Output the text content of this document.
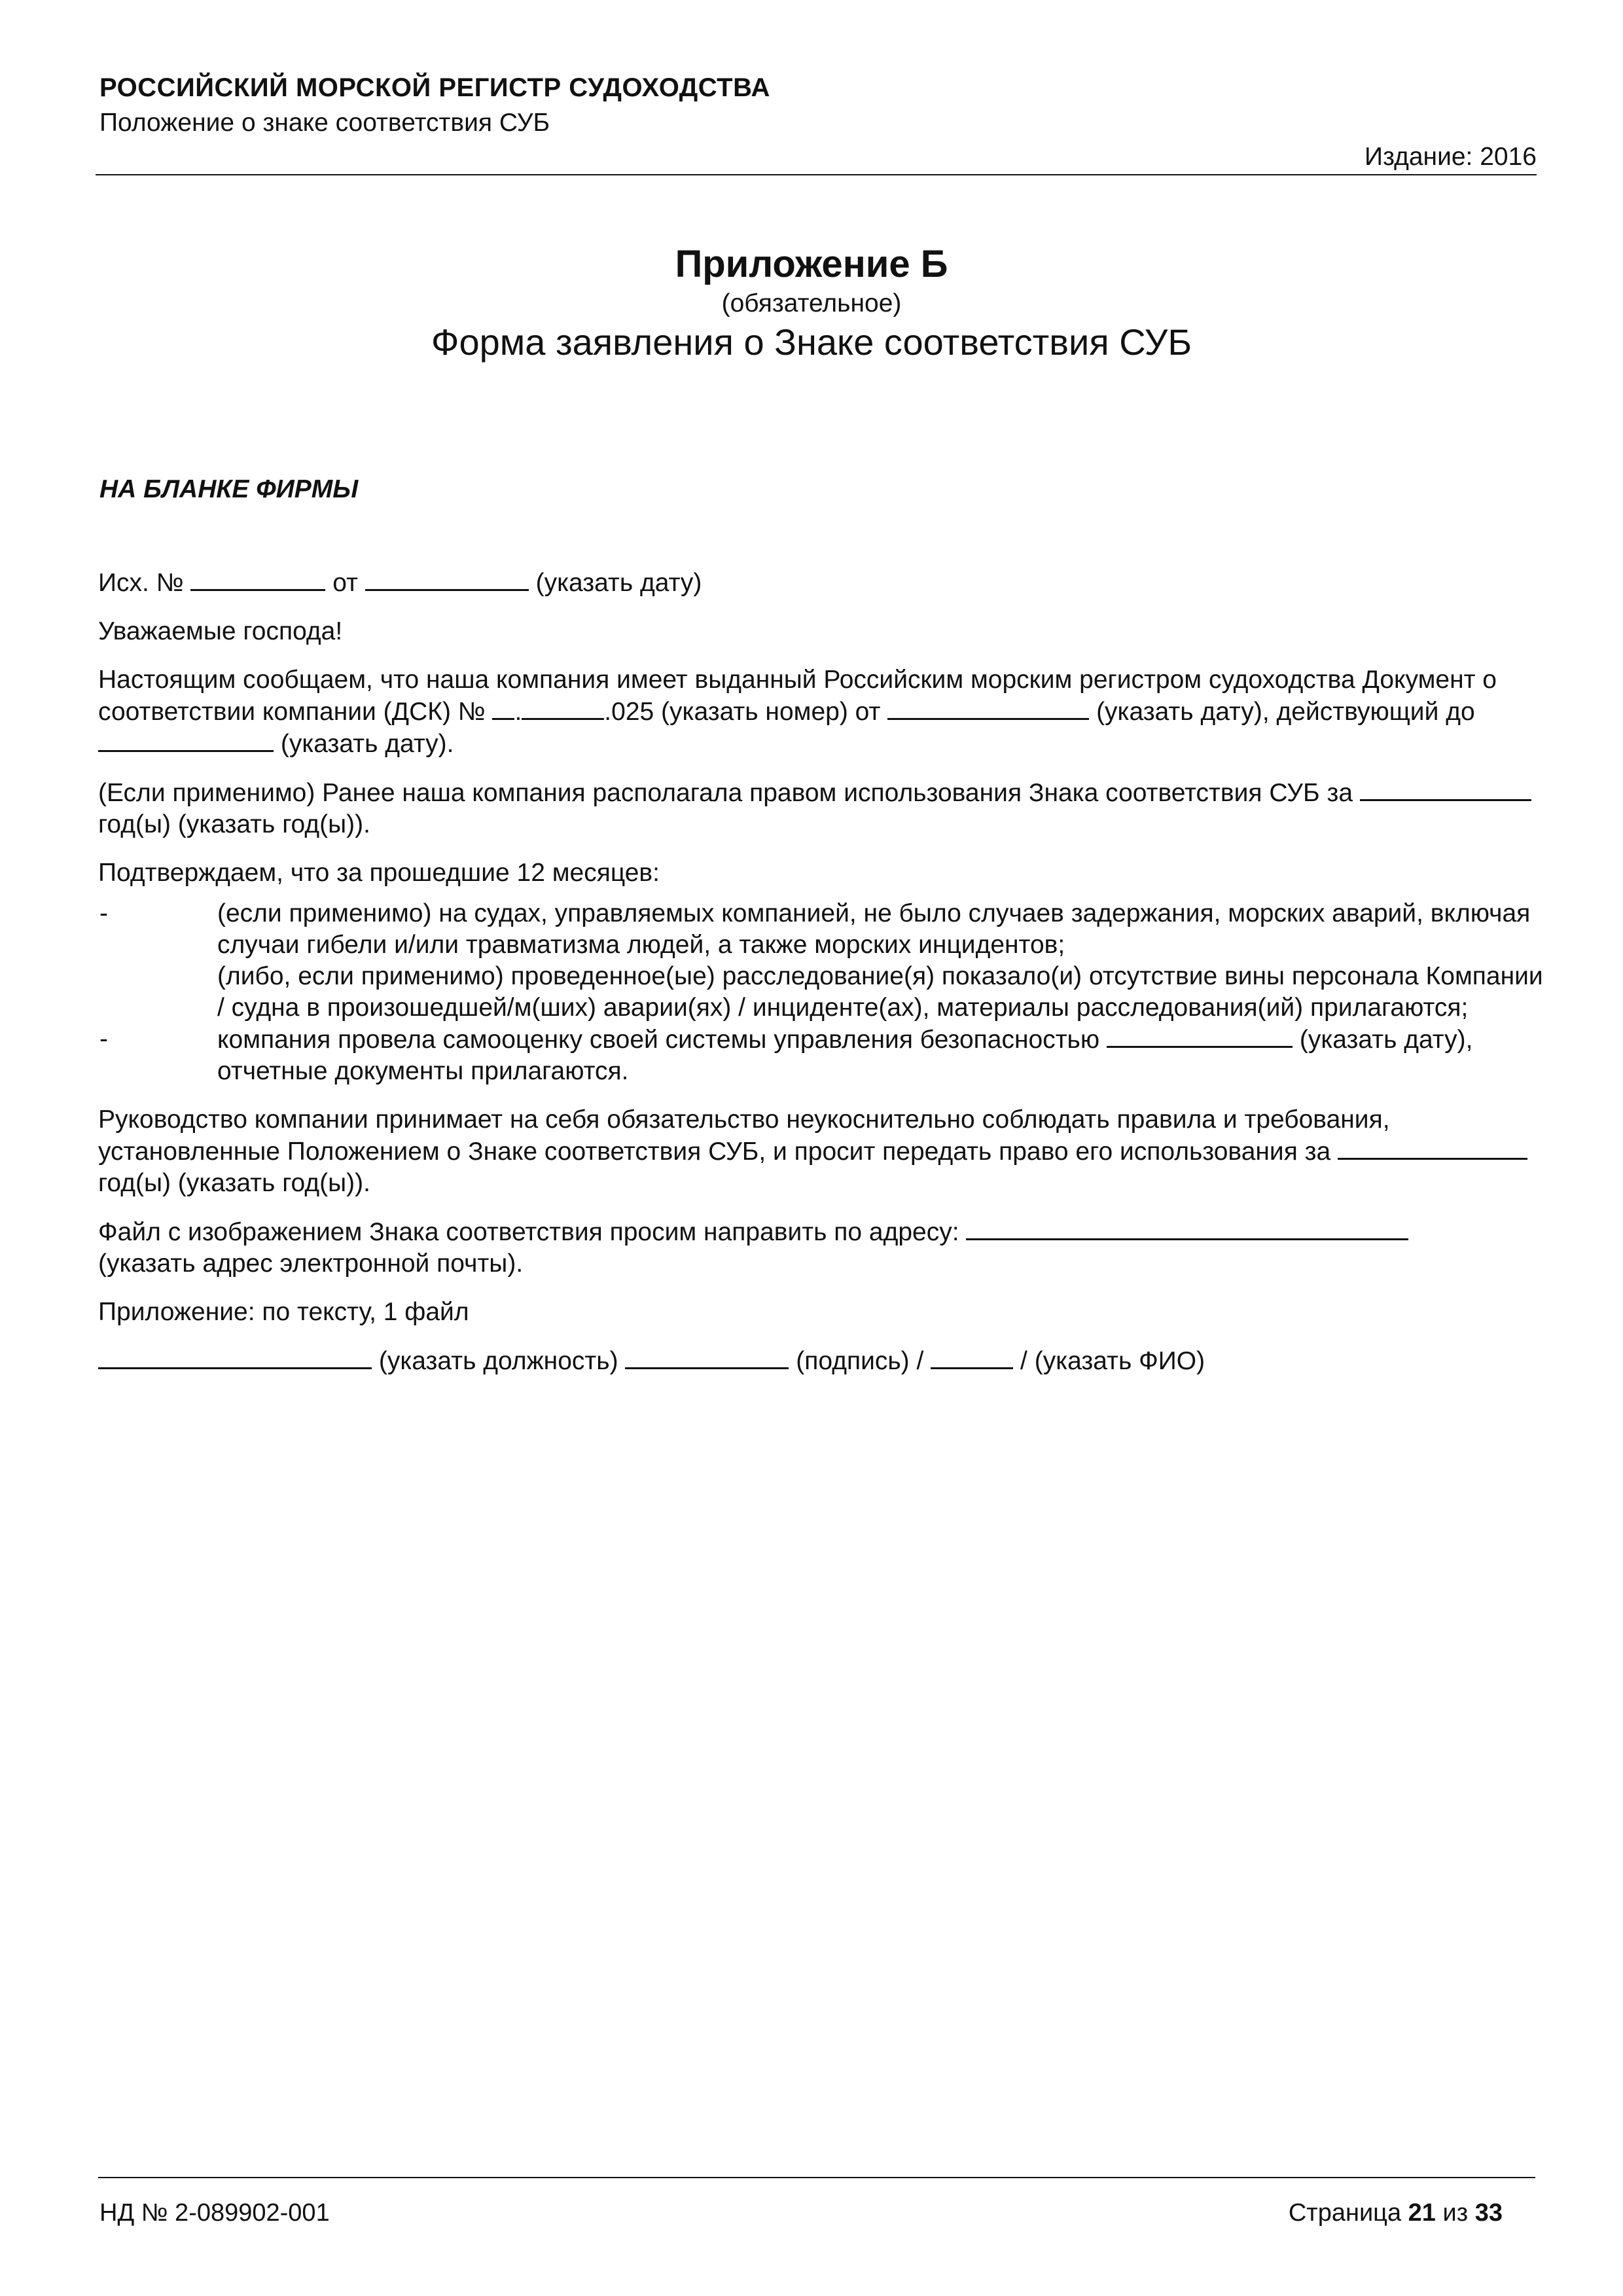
РОССИЙСКИЙ МОРСКОЙ РЕГИСТР СУДОХОДСТВА
Положение о знаке соответствия СУБ
Издание: 2016
Приложение Б
(обязательное)
Форма заявления о Знаке соответствия СУБ
НА БЛАНКЕ ФИРМЫ

Исх. №	от	(указать дату)

Уважаемые господа!

Настоящим сообщаем, что наша компания имеет выданный Российским морским регистром судоходства Документ о соответствии компании (ДСК) № .	.025 (указать номер) от	(указать дату), действующий до  (указать дату).

(Если применимо) Ранее наша компания располагала правом использования Знака соответствия СУБ за  год(ы) (указать год(ы)).

Подтверждаем, что за прошедшие 12 месяцев:

-	(если применимо) на судах, управляемых компанией, не было случаев задержания, морских аварий, включая случаи гибели и/или травматизма людей, а также морских инцидентов;
(либо, если применимо) проведенное(ые) расследование(я) показало(и) отсутствие вины персонала Компании / судна в произошедшей/м(ших) аварии(ях) / инциденте(ах), материалы расследования(ий) прилагаются;
-	компания провела самооценку своей системы управления безопасностью	(указать дату), отчетные документы прилагаются.

Руководство компании принимает на себя обязательство неукоснительно соблюдать правила и требования, установленные Положением о Знаке соответствия СУБ, и просит передать право его использования за  год(ы) (указать год(ы)).

Файл с изображением Знака соответствия просим направить по адресу:
(указать адрес электронной почты).

Приложение: по тексту, 1 файл

(указать должность)	(подпись) /	/ (указать ФИО)

НД № 2-089902-001	Страница 21 из 33
